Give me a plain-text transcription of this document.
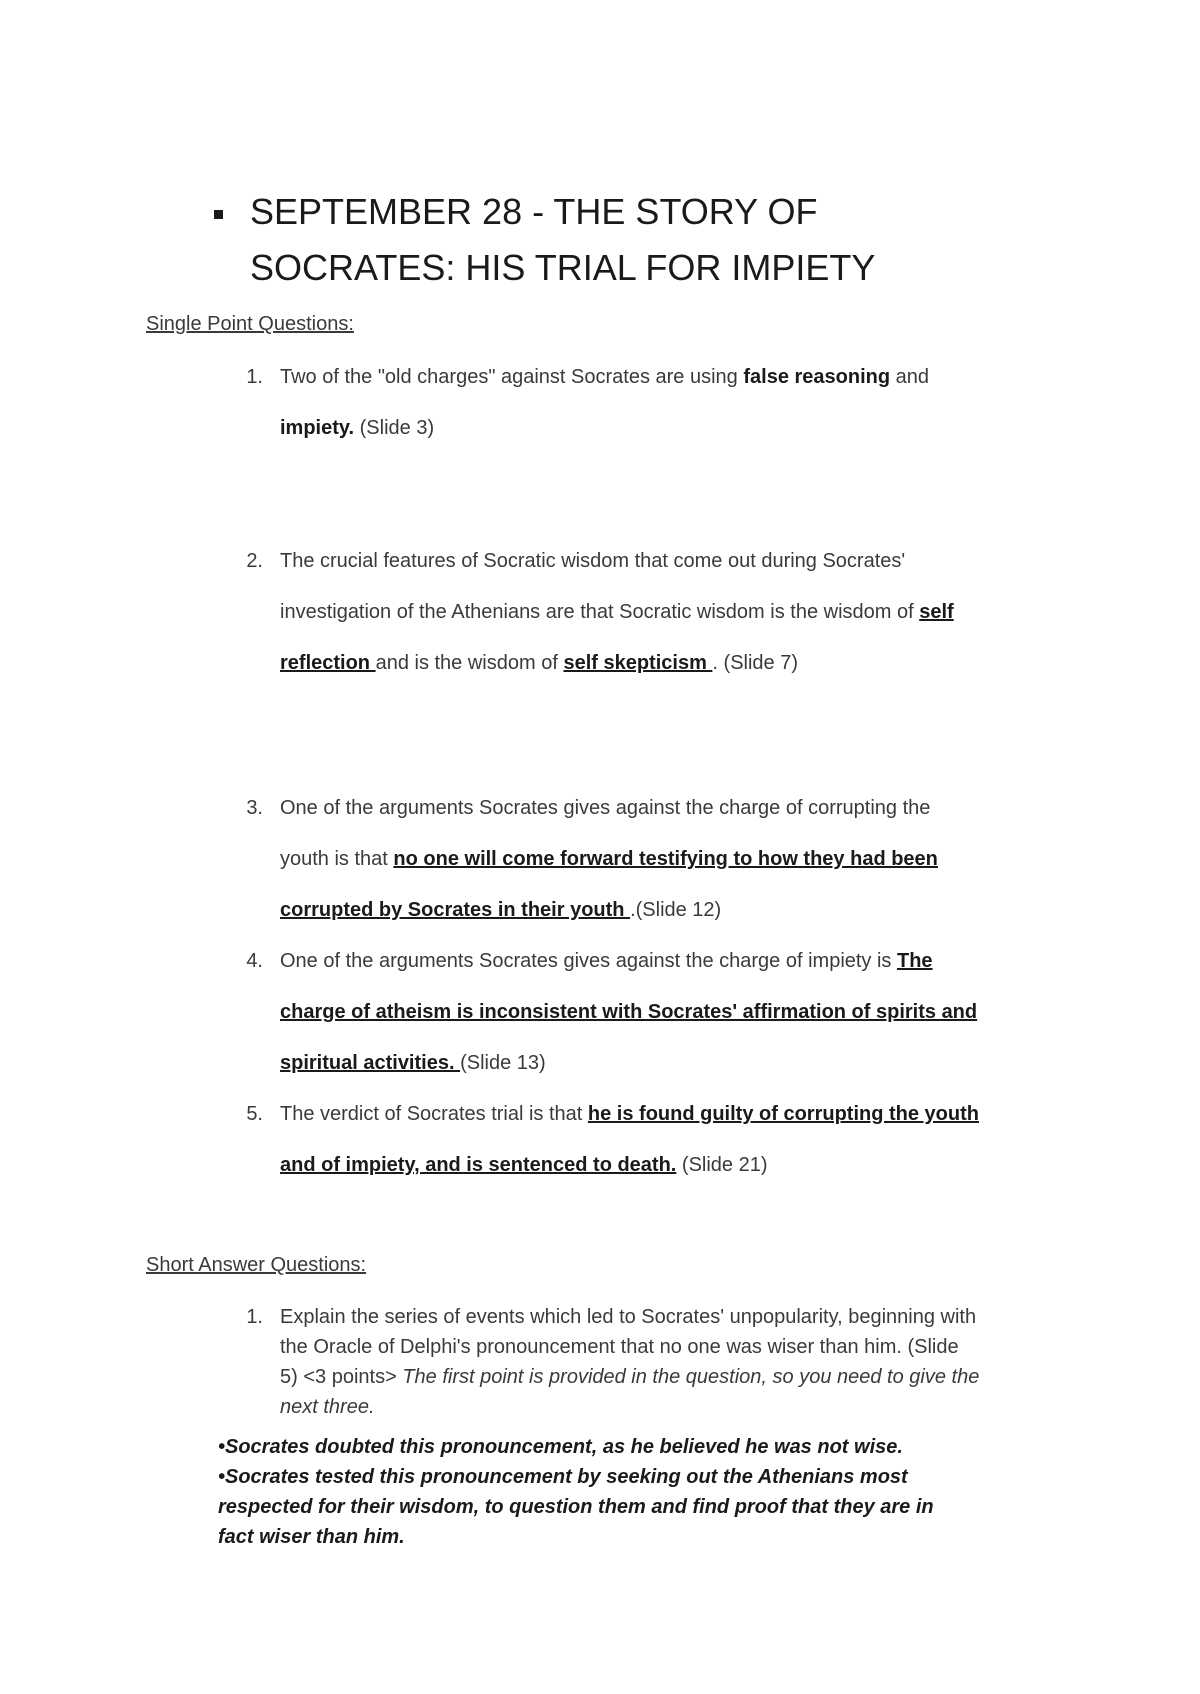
SEPTEMBER 28 - THE STORY OF
SOCRATES: HIS TRIAL FOR IMPIETY
Single Point Questions:
1. Two of the "old charges" against Socrates are using false reasoning and
impiety. (Slide 3)
2. The crucial features of Socratic wisdom that come out during Socrates'
investigation of the Athenians are that Socratic wisdom is the wisdom of self
reflection and is the wisdom of self skepticism . (Slide 7)
3. One of the arguments Socrates gives against the charge of corrupting the
youth is that no one will come forward testifying to how they had been
corrupted by Socrates in their youth .(Slide 12)
4. One of the arguments Socrates gives against the charge of impiety is The
charge of atheism is inconsistent with Socrates' affirmation of spirits and
spiritual activities. (Slide 13)
5. The verdict of Socrates trial is that he is found guilty of corrupting the youth
and of impiety, and is sentenced to death. (Slide 21)
Short Answer Questions:
1. Explain the series of events which led to Socrates' unpopularity, beginning with
the Oracle of Delphi's pronouncement that no one was wiser than him. (Slide
5) <3 points> The first point is provided in the question, so you need to give the
next three.
•Socrates doubted this pronouncement, as he believed he was not wise.
•Socrates tested this pronouncement by seeking out the Athenians most
respected for their wisdom, to question them and find proof that they are in
fact wiser than him.
